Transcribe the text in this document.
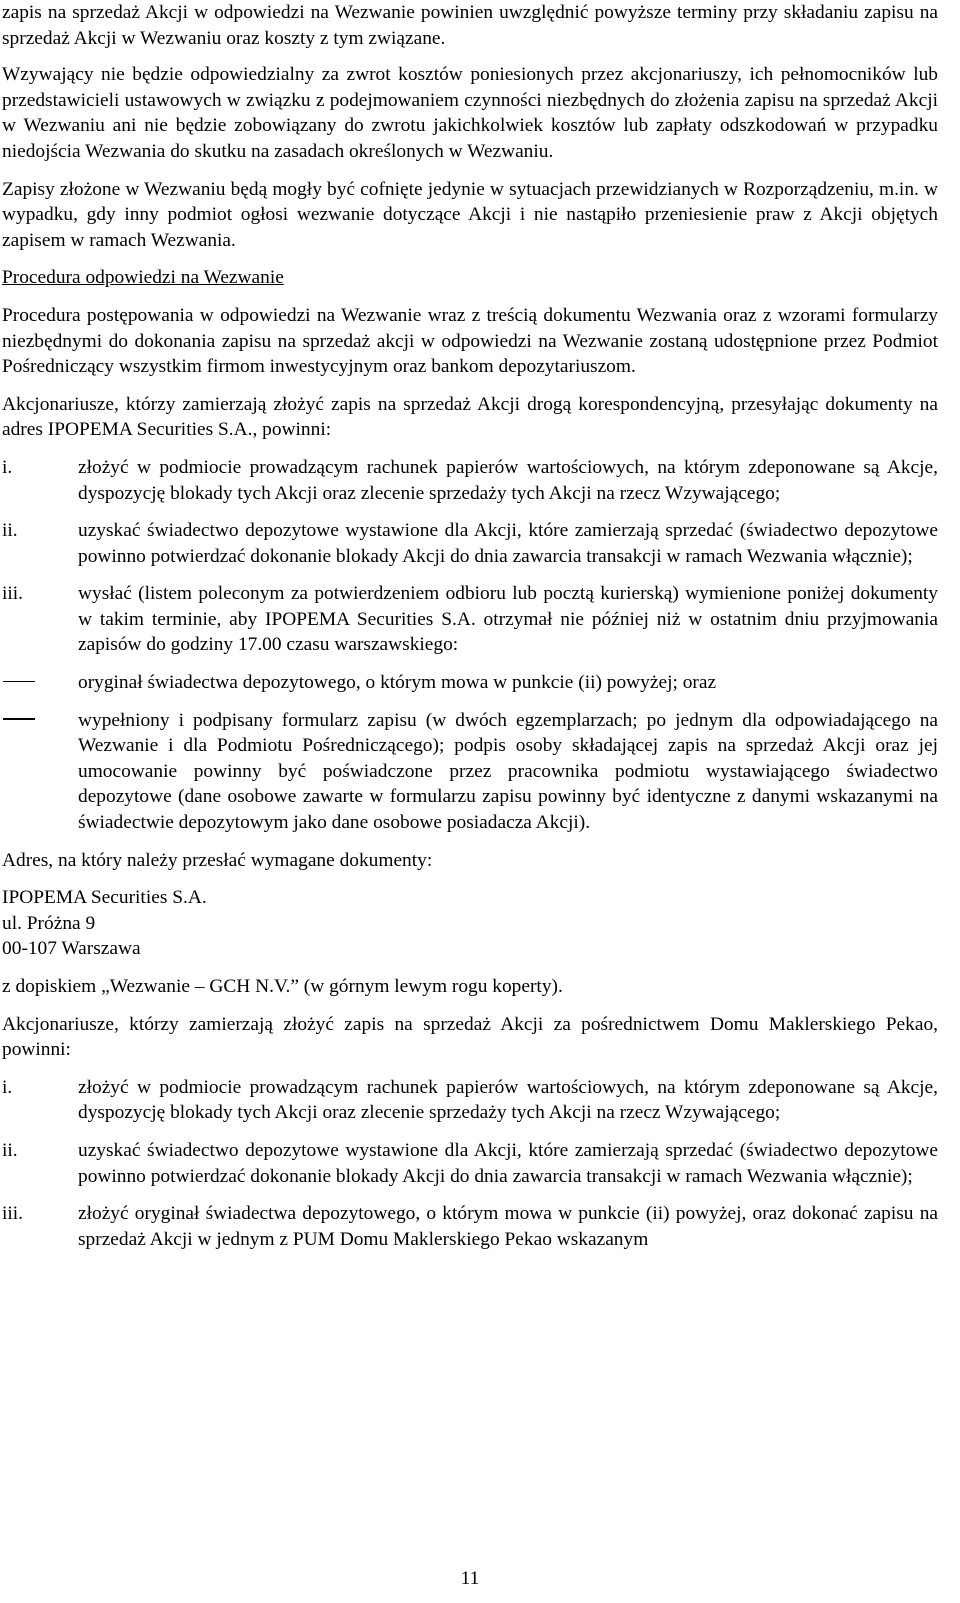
zapis na sprzedaż Akcji w odpowiedzi na Wezwanie powinien uwzględnić powyższe terminy przy składaniu zapisu na sprzedaż Akcji w Wezwaniu oraz koszty z tym związane.

Wzywający nie będzie odpowiedzialny za zwrot kosztów poniesionych przez akcjonariuszy, ich pełnomocników lub przedstawicieli ustawowych w związku z podejmowaniem czynności niezbędnych do złożenia zapisu na sprzedaż Akcji w Wezwaniu ani nie będzie zobowiązany do zwrotu jakichkolwiek kosztów lub zapłaty odszkodowań w przypadku niedojścia Wezwania do skutku na zasadach określonych w Wezwaniu.

Zapisy złożone w Wezwaniu będą mogły być cofnięte jedynie w sytuacjach przewidzianych w Rozporządzeniu, m.in. w wypadku, gdy inny podmiot ogłosi wezwanie dotyczące Akcji i nie nastąpiło przeniesienie praw z Akcji objętych zapisem w ramach Wezwania.

Procedura odpowiedzi na Wezwanie

Procedura postępowania w odpowiedzi na Wezwanie wraz z treścią dokumentu Wezwania oraz z wzorami formularzy niezbędnymi do dokonania zapisu na sprzedaż akcji w odpowiedzi na Wezwanie zostaną udostępnione przez Podmiot Pośredniczący wszystkim firmom inwestycyjnym oraz bankom depozytariuszom.

Akcjonariusze, którzy zamierzają złożyć zapis na sprzedaż Akcji drogą korespondencyjną, przesyłając dokumenty na adres IPOPEMA Securities S.A., powinni:

i.	złożyć w podmiocie prowadzącym rachunek papierów wartościowych, na którym zdeponowane są Akcje, dyspozycję blokady tych Akcji oraz zlecenie sprzedaży tych Akcji na rzecz Wzywającego;
ii.	uzyskać świadectwo depozytowe wystawione dla Akcji, które zamierzają sprzedać (świadectwo depozytowe powinno potwierdzać dokonanie blokady Akcji do dnia zawarcia transakcji w ramach Wezwania włącznie);
iii.	wysłać (listem poleconym za potwierdzeniem odbioru lub pocztą kurierską) wymienione poniżej dokumenty w takim terminie, aby IPOPEMA Securities S.A. otrzymał nie później niż w ostatnim dniu przyjmowania zapisów do godziny 17.00 czasu warszawskiego:
oryginał świadectwa depozytowego, o którym mowa w punkcie (ii) powyżej; oraz
wypełniony i podpisany formularz zapisu (w dwóch egzemplarzach; po jednym dla odpowiadającego na Wezwanie i dla Podmiotu Pośredniczącego); podpis osoby składającej zapis na sprzedaż Akcji oraz jej umocowanie powinny być poświadczone przez pracownika podmiotu wystawiającego świadectwo depozytowe (dane osobowe zawarte w formularzu zapisu powinny być identyczne z danymi wskazanymi na świadectwie depozytowym jako dane osobowe posiadacza Akcji).

Adres, na który należy przesłać wymagane dokumenty:

IPOPEMA Securities S.A.

ul. Próżna 9

00-107 Warszawa

z dopiskiem „Wezwanie – GCH N.V.” (w górnym lewym rogu koperty).

Akcjonariusze, którzy zamierzają złożyć zapis na sprzedaż Akcji za pośrednictwem Domu Maklerskiego Pekao, powinni:

i.	złożyć w podmiocie prowadzącym rachunek papierów wartościowych, na którym zdeponowane są Akcje, dyspozycję blokady tych Akcji oraz zlecenie sprzedaży tych Akcji na rzecz Wzywającego;
ii.	uzyskać świadectwo depozytowe wystawione dla Akcji, które zamierzają sprzedać (świadectwo depozytowe powinno potwierdzać dokonanie blokady Akcji do dnia zawarcia transakcji w ramach Wezwania włącznie);
iii.	złożyć oryginał świadectwa depozytowego, o którym mowa w punkcie (ii) powyżej, oraz dokonać zapisu na sprzedaż Akcji w jednym z PUM Domu Maklerskiego Pekao wskazanym
11
